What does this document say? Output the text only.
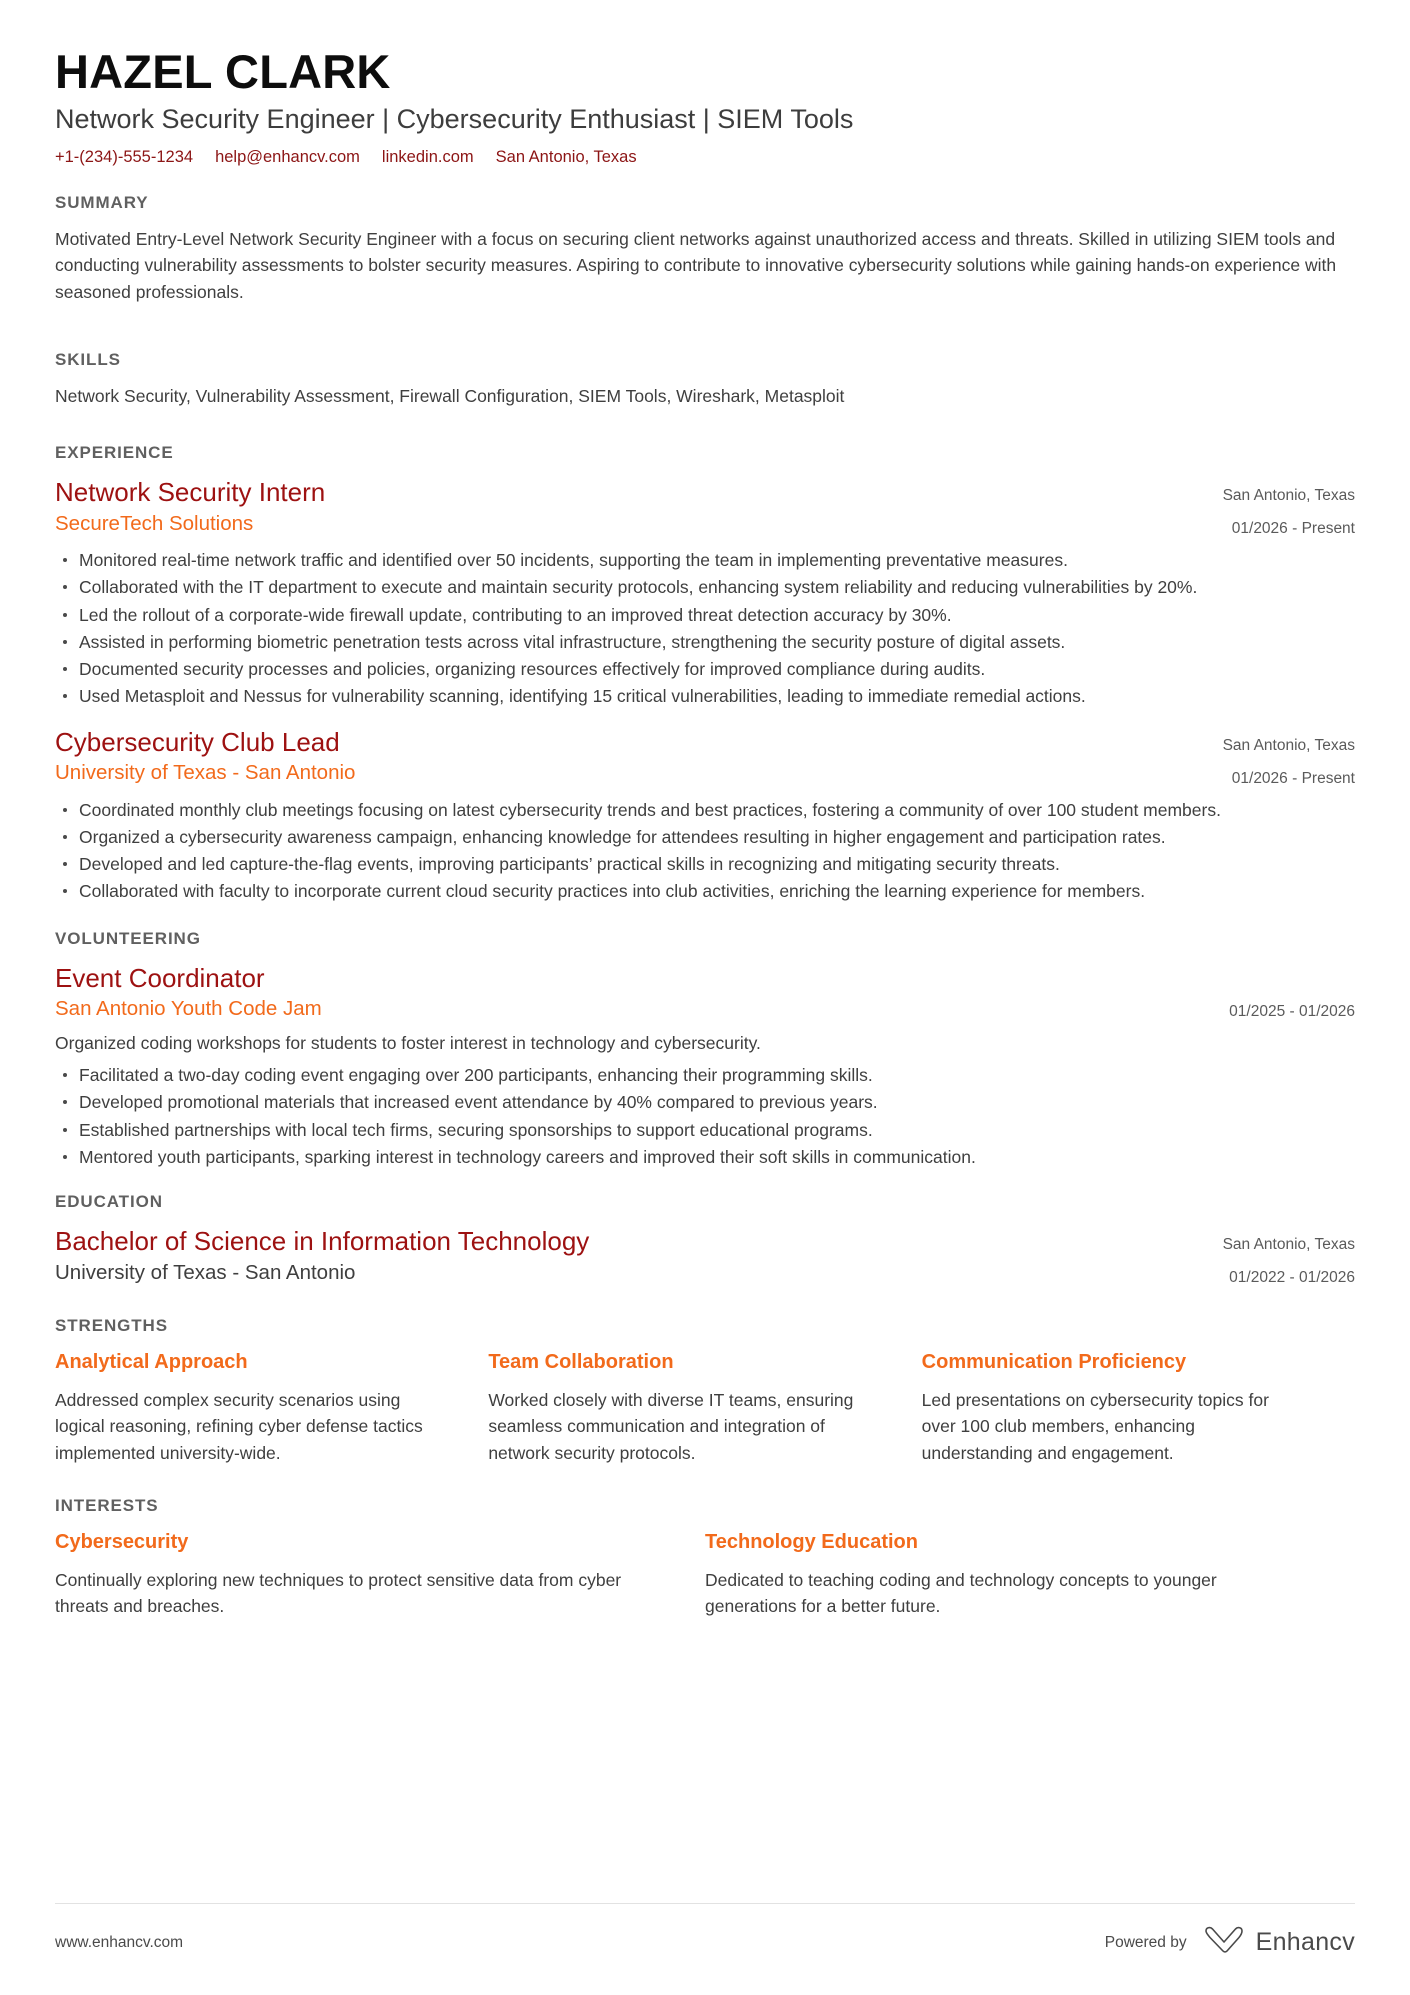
HAZEL CLARK
Network Security Engineer | Cybersecurity Enthusiast | SIEM Tools
+1-(234)-555-1234 help@enhancv.com linkedin.com San Antonio, Texas
SUMMARY

Motivated Entry-Level Network Security Engineer with a focus on securing client networks against unauthorized access and threats. Skilled in utilizing SIEM tools and conducting vulnerability assessments to bolster security measures. Aspiring to contribute to innovative cybersecurity solutions while gaining hands-on experience with seasoned professionals.

SKILLS

Network Security, Vulnerability Assessment, Firewall Configuration, SIEM Tools, Wireshark, Metasploit

EXPERIENCE
Network Security Intern
SecureTech Solutions
San Antonio, Texas
01/2026 - Present
Monitored real-time network traffic and identified over 50 incidents, supporting the team in implementing preventative measures.
Collaborated with the IT department to execute and maintain security protocols, enhancing system reliability and reducing vulnerabilities by 20%.
Led the rollout of a corporate-wide firewall update, contributing to an improved threat detection accuracy by 30%.
Assisted in performing biometric penetration tests across vital infrastructure, strengthening the security posture of digital assets.
Documented security processes and policies, organizing resources effectively for improved compliance during audits.
Used Metasploit and Nessus for vulnerability scanning, identifying 15 critical vulnerabilities, leading to immediate remedial actions.
Cybersecurity Club Lead
University of Texas - San Antonio
San Antonio, Texas
01/2026 - Present
Coordinated monthly club meetings focusing on latest cybersecurity trends and best practices, fostering a community of over 100 student members.
Organized a cybersecurity awareness campaign, enhancing knowledge for attendees resulting in higher engagement and participation rates.
Developed and led capture-the-flag events, improving participants’ practical skills in recognizing and mitigating security threats.
Collaborated with faculty to incorporate current cloud security practices into club activities, enriching the learning experience for members.
VOLUNTEERING
Event Coordinator
San Antonio Youth Code Jam	01/2025 - 01/2026

Organized coding workshops for students to foster interest in technology and cybersecurity.

Facilitated a two-day coding event engaging over 200 participants, enhancing their programming skills.
Developed promotional materials that increased event attendance by 40% compared to previous years.
Established partnerships with local tech firms, securing sponsorships to support educational programs.
Mentored youth participants, sparking interest in technology careers and improved their soft skills in communication.
EDUCATION
Bachelor of Science in Information Technology
University of Texas - San Antonio
San Antonio, Texas
01/2022 - 01/2026
STRENGTHS
Analytical Approach
Addressed complex security scenarios using logical reasoning, refining cyber defense tactics implemented university-wide.
Team Collaboration
Worked closely with diverse IT teams, ensuring seamless communication and integration of network security protocols.
Communication Proficiency
Led presentations on cybersecurity topics for over 100 club members, enhancing understanding and engagement.
INTERESTS
Cybersecurity
Continually exploring new techniques to protect sensitive data from cyber threats and breaches.
Technology Education
Dedicated to teaching coding and technology concepts to younger generations for a better future.
www.enhancv.com	Powered by	Enhancv
